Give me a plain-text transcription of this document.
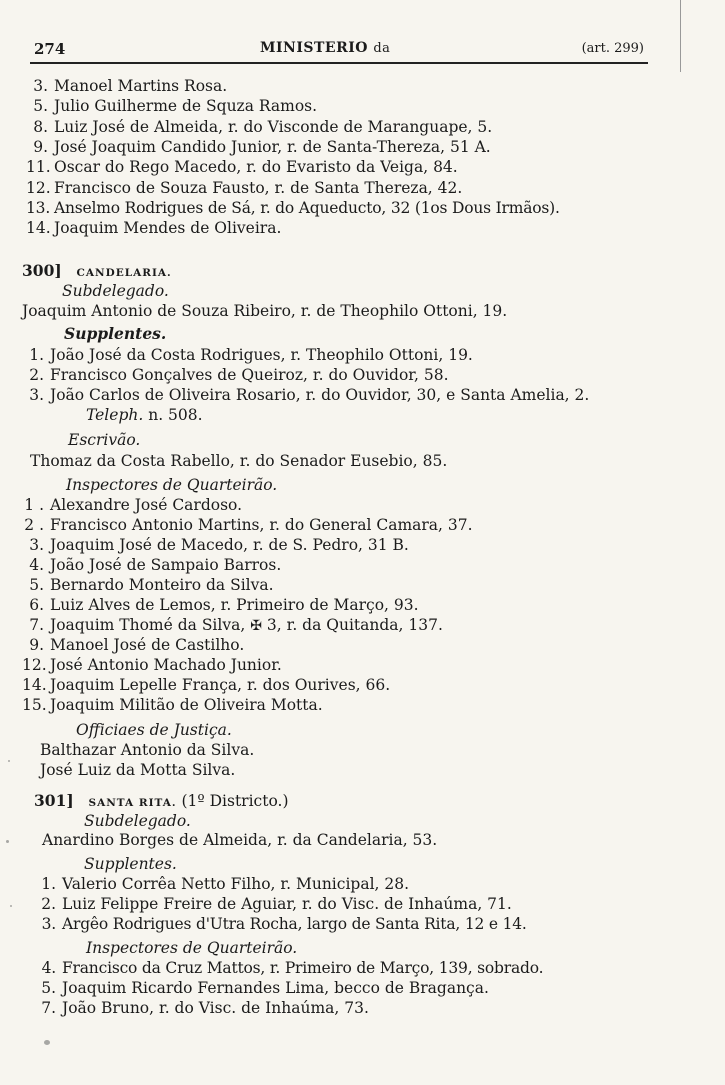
274	MINISTERIO da	(art. 299)
3. Manoel Martins Rosa.
5. Julio Guilherme de Squza Ramos.
8. Luiz José de Almeida, r. do Visconde de Maranguape, 5.
9. José Joaquim Candido Junior, r. de Santa-Thereza, 51 A.
11. Oscar do Rego Macedo, r. do Evaristo da Veiga, 84.
12. Francisco de Souza Fausto, r. de Santa Thereza, 42.
13. Anselmo Rodrigues de Sá, r. do Aqueducto, 32 (1os Dous Irmãos).
14. Joaquim Mendes de Oliveira.
300] CANDELARIA.
Subdelegado.
Joaquim Antonio de Souza Ribeiro, r. de Theophilo Ottoni, 19.
Supplentes.
1. João José da Costa Rodrigues, r. Theophilo Ottoni, 19.
2. Francisco Gonçalves de Queiroz, r. do Ouvidor, 58.
3. João Carlos de Oliveira Rosario, r. do Ouvidor, 30, e Santa Amelia, 2.
Teleph. n. 508.
Escrivão.
Thomaz da Costa Rabello, r. do Senador Eusebio, 85.
Inspectores de Quarteirão.
1 . Alexandre José Cardoso.
2 . Francisco Antonio Martins, r. do General Camara, 37.
3. Joaquim José de Macedo, r. de S. Pedro, 31 B.
4. João José de Sampaio Barros.
5. Bernardo Monteiro da Silva.
6. Luiz Alves de Lemos, r. Primeiro de Março, 93.
7. Joaquim Thomé da Silva, ✠ 3, r. da Quitanda, 137.
9. Manoel José de Castilho.
12. José Antonio Machado Junior.
14. Joaquim Lepelle França, r. dos Ourives, 66.
15. Joaquim Militão de Oliveira Motta.
Officiaes de Justiça.
Balthazar Antonio da Silva.
José Luiz da Motta Silva.
301] SANTA RITA. (1º Districto.)
Subdelegado.
Anardino Borges de Almeida, r. da Candelaria, 53.
Supplentes.
1. Valerio Corrêa Netto Filho, r. Municipal, 28.
2. Luiz Felippe Freire de Aguiar, r. do Visc. de Inhaúma, 71.
3. Argêo Rodrigues d'Utra Rocha, largo de Santa Rita, 12 e 14.
Inspectores de Quarteirão.
4. Francisco da Cruz Mattos, r. Primeiro de Março, 139, sobrado.
5. Joaquim Ricardo Fernandes Lima, becco de Bragança.
7. João Bruno, r. do Visc. de Inhaúma, 73.
